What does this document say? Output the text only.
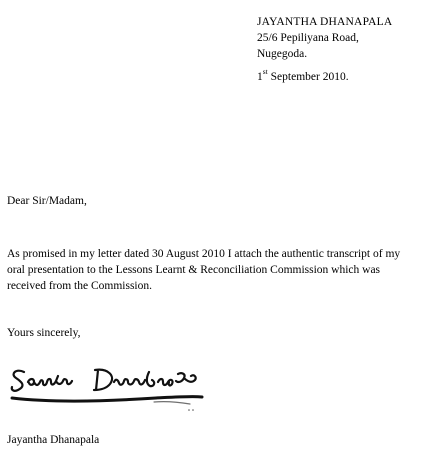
JAYANTHA DHANAPALA
25/6 Pepiliyana Road,
Nugegoda.
1st September 2010.
Dear Sir/Madam,
As promised in my letter dated 30 August 2010 I attach the authentic transcript of my
oral presentation to the Lessons Learnt & Reconciliation Commission which was
received from the Commission.
Yours sincerely,
Jayantha Dhanapala
